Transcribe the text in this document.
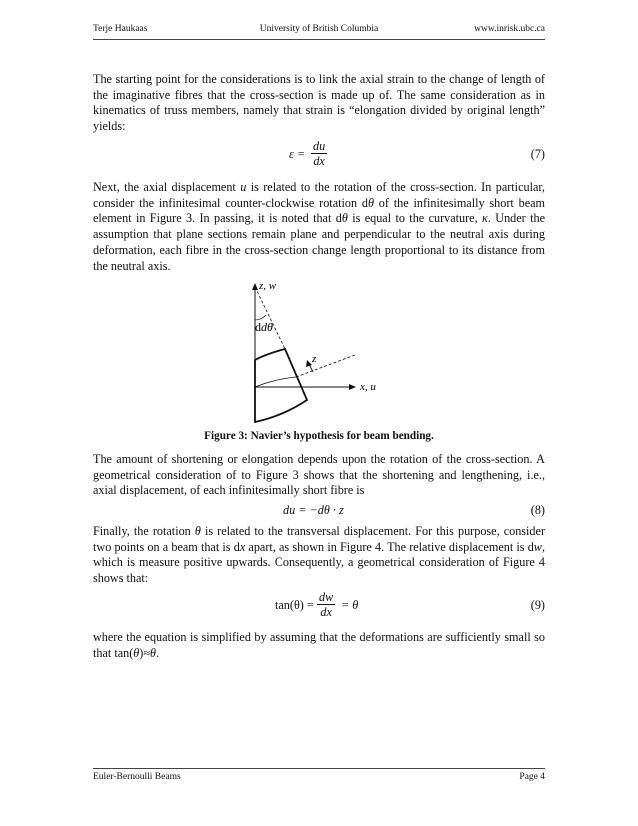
Terje Haukaas	University of British Columbia	www.inrisk.ubc.ca

The starting point for the considerations is to link the axial strain to the change of length of the imaginative fibres that the cross-section is made up of. The same consideration as in kinematics of truss members, namely that strain is “elongation divided by original length” yields:

$\varepsilon = \frac{du}{dx}$	(7)

Next, the axial displacement u is related to the rotation of the cross-section. In particular, consider the infinitesimal counter-clockwise rotation dθ of the infinitesimally short beam element in Figure 3. In passing, it is noted that dθ is equal to the curvature, κ. Under the assumption that plane sections remain plane and perpendicular to the neutral axis during deformation, each fibre in the cross-section change length proportional to its distance from the neutral axis.

z, w
x, u
ddθ
z
Figure 3: Navier’s hypothesis for beam bending.

The amount of shortening or elongation depends upon the rotation of the cross-section. A geometrical consideration of to Figure 3 shows that the shortening and lengthening, i.e., axial displacement, of each infinitesimally short fibre is

du = −dθ · z	(8)

Finally, the rotation θ is related to the transversal displacement. For this purpose, consider two points on a beam that is dx apart, as shown in Figure 4. The relative displacement is dw, which is measure positive upwards. Consequently, a geometrical consideration of Figure 4 shows that:

$\tan(\theta) = \frac{dw}{dx} = \theta$	(9)

where the equation is simplified by assuming that the deformations are sufficiently small so that tan(θ)≈θ.

Euler-Bernoulli Beams	Page 4
